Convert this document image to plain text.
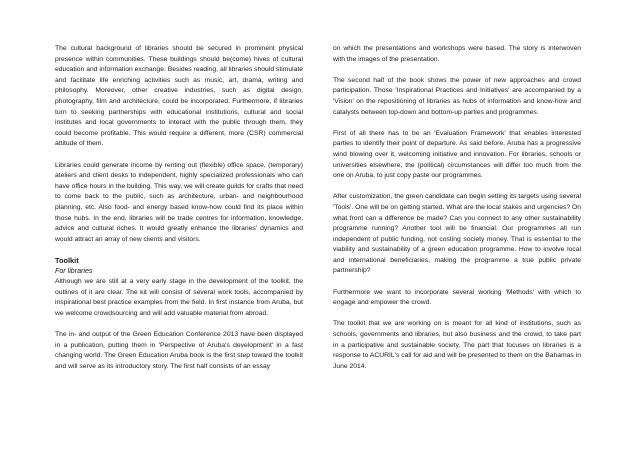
The cultural background of libraries should be secured in prominent physical presence within communities. These buildings should be(come) hives of cultural education and information exchange. Besides reading, all libraries should stimulate and facilitate life enriching activities such as music, art, drama, writing and philosophy. Moreover, other creative industries, such as digital design, photography, film and architecture, could be incorporated. Furthermore, if libraries turn to seeking partnerships with educational institutions, cultural and social institutes and local governments to interact with the public through them, they could become profitable. This would require a different, more (CSR) commercial attitude of them.

Libraries could generate income by renting out (flexible) office space, (temporary) ateliers and client desks to independent, highly specialized professionals who can have office hours in the building. This way, we will create guilds for crafts that need to come back to the public, such as architecture, urban- and neighbourhood planning, etc. Also food- and energy based know-how could find its place within those hubs. In the end, libraries will be trade centres for information, knowledge, advice and cultural riches. It would greatly enhance the libraries' dynamics and would attract an array of new clients and visitors.

Toolkit
For libraries

Although we are still at a very early stage in the development of the toolkit, the outlines of it are clear. The kit will consist of several work tools, accompanied by inspirational best practice examples from the field. In first instance from Aruba, but we welcome crowdsourcing and will add valuable material from abroad.

The in- and output of the Green Education Conference 2013 have been displayed in a publication, putting them in 'Perspective of Aruba's development' in a fast changing world. The Green Education Aruba book is the first step toward the toolkit and will serve as its introductory story. The first half consists of an essay

on which the presentations and workshops were based. The story is interwoven with the images of the presentation.

The second half of the book shows the power of new approaches and crowd participation. Those 'Inspirational Practices and Initiatives' are accompanied by a 'Vision' on the repositioning of libraries as hubs of information and know-how and catalysts between top-down and bottom-up parties and programmes.

First of all there has to be an 'Evaluation Framework' that enables interested parties to identify their point of departure. As said before, Aruba has a progressive wind blowing over it, welcoming initiative and innovation. For libraries, schools or universities elsewhere, the (political) circumstances will differ too much from the one on Aruba, to just copy paste our programmes.

After customization, the green candidate can begin setting its targets using several 'Tools'. One will be on getting started. What are the local stakes and urgencies? On what front can a difference be made? Can you connect to any other sustainability programme running? Another tool will be financial. Our programmes all run independent of public funding, not costing society money. That is essential to the viability and sustainability of a green education programme. How to involve local and international beneficiaries, making the programme a true public private partnership?

Furthermore we want to incorporate several working 'Methods' with which to engage and empower the crowd.

The toolkit that we are working on is meant for all kind of institutions, such as schools, governments and libraries, but also business and the crowd, to take part in a participative and sustainable society. The part that focuses on libraries is a response to ACURIL's call for aid and will be presented to them on the Bahamas in June 2014.
